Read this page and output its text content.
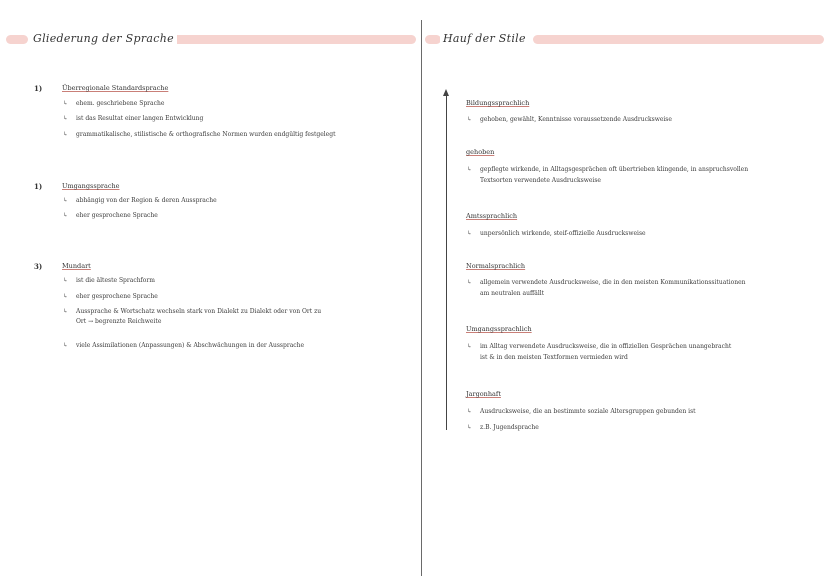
Gliederung der Sprache	Hauf der Stile
1)	Überregionale Standardsprache
↳ ehem. geschriebene Sprache
↳ ist das Resultat einer langen Entwicklung
↳ grammatikalische, stilistische & orthografische Normen wurden endgültig festgelegt
1)	Umgangssprache
↳ abhängig von der Region & deren Aussprache
↳ eher gesprochene Sprache
3)	Mundart
↳ ist die älteste Sprachform
↳ eher gesprochene Sprache
↳ Aussprache & Wortschatz wechseln stark von Dialekt zu Dialekt oder von Ort zu
Ort → begrenzte Reichweite
↳ viele Assimilationen (Anpassungen) & Abschwächungen in der Aussprache
Bildungssprachlich
↳ gehoben, gewählt, Kenntnisse voraussetzende Ausdrucksweise
gehoben
↳ gepflegte wirkende, in Alltagsgesprächen oft übertrieben klingende, in anspruchsvollen
Textsorten verwendete Ausdrucksweise
Amtssprachlich
↳ unpersönlich wirkende, steif-offizielle Ausdrucksweise
Normalsprachlich
↳ allgemein verwendete Ausdrucksweise, die in den meisten Kommunikationssituationen
am neutralen auffällt
Umgangssprachlich
↳ im Alltag verwendete Ausdrucksweise, die in offiziellen Gesprächen unangebracht
ist & in den meisten Textformen vermieden wird
Jargonhaft
↳ Ausdrucksweise, die an bestimmte soziale Altersgruppen gebunden ist
↳ z.B. Jugendsprache
